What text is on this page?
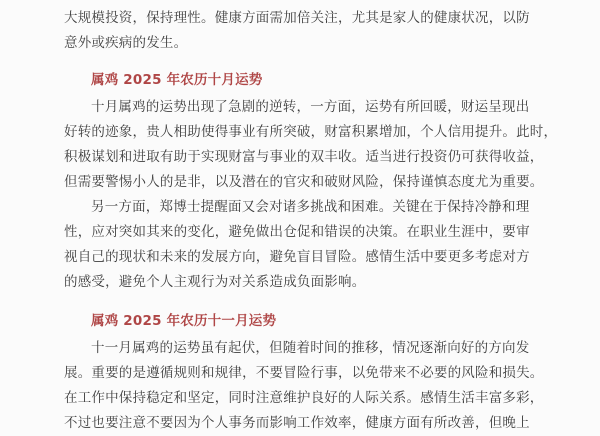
大规模投资，保持理性。健康方面需加倍关注，尤其是家人的健康状况，以防
意外或疾病的发生。
属鸡 2025 年农历十月运势
十月属鸡的运势出现了急剧的逆转，一方面，运势有所回暖，财运呈现出
好转的迹象，贵人相助使得事业有所突破，财富积累增加，个人信用提升。此时，
积极谋划和进取有助于实现财富与事业的双丰收。适当进行投资仍可获得收益，
但需要警惕小人的是非，以及潜在的官灾和破财风险，保持谨慎态度尤为重要。
另一方面，郑博士提醒面又会对诸多挑战和困难。关键在于保持冷静和理
性，应对突如其来的变化，避免做出仓促和错误的决策。在职业生涯中，要审
视自己的现状和未来的发展方向，避免盲目冒险。感情生活中要更多考虑对方
的感受，避免个人主观行为对关系造成负面影响。
属鸡 2025 年农历十一月运势
十一月属鸡的运势虽有起伏，但随着时间的推移，情况逐渐向好的方向发
展。重要的是遵循规则和规律，不要冒险行事，以免带来不必要的风险和损失。
在工作中保持稳定和坚定，同时注意维护良好的人际关系。感情生活丰富多彩，
不过也要注意不要因为个人事务而影响工作效率，健康方面有所改善，但晚上
